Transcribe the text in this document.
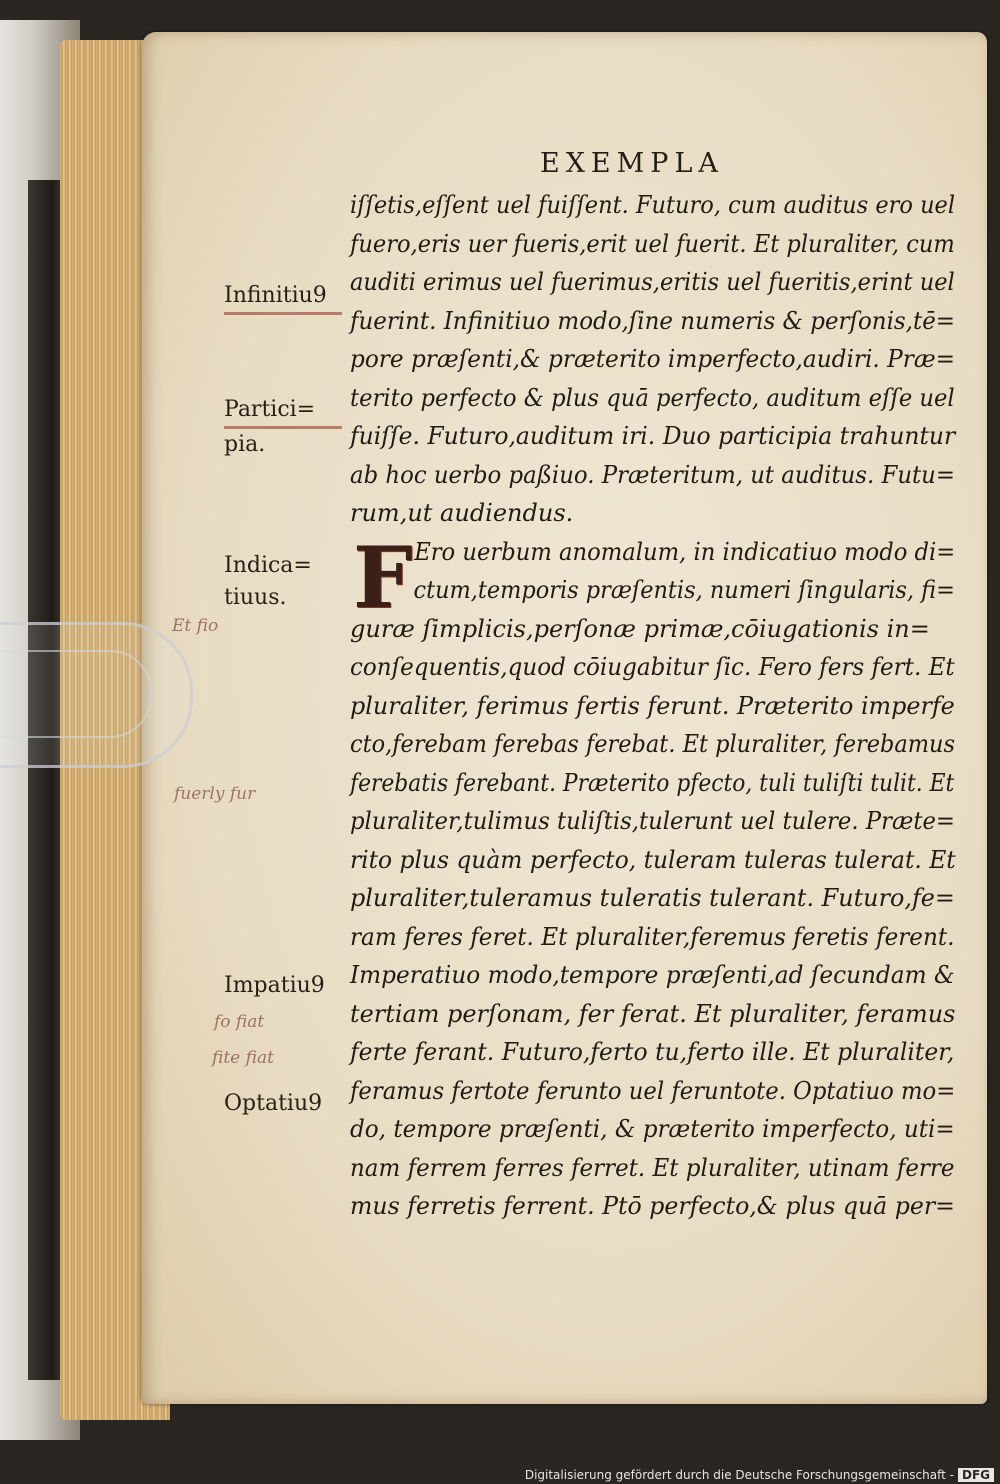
EXEMPLA
F
iſſetis,eſſent uel fuiſſent. Futuro, cum auditus ero uel
fuero,eris uer fueris,erit uel fuerit. Et pluraliter, cum
auditi erimus uel fuerimus,eritis uel fueritis,erint uel
fuerint. Infinitiuo modo,ſine numeris & perſonis,tē=
pore præſenti,& præterito imperfecto,audiri. Præ=
terito perfecto & plus quā perfecto, auditum eſſe uel
fuiſſe. Futuro,auditum iri. Duo participia trahuntur
ab hoc uerbo paßiuo. Præteritum, ut auditus. Futu=
rum,ut audiendus.
Ero uerbum anomalum, in indicatiuo modo di=
ctum,temporis præſentis, numeri ſingularis, fi=
guræ ſimplicis,perſonæ primæ,cōiugationis in=
conſequentis,quod cōiugabitur ſic. Fero fers fert. Et
pluraliter, ferimus fertis ferunt. Præterito imperfe
cto,ferebam ferebas ferebat. Et pluraliter, ferebamus
ferebatis ferebant. Præterito pfecto, tuli tuliſti tulit. Et
pluraliter,tulimus tuliſtis,tulerunt uel tulere. Præte=
rito plus quàm perfecto, tuleram tuleras tulerat. Et
pluraliter,tuleramus tuleratis tulerant. Futuro,fe=
ram feres feret. Et pluraliter,feremus feretis ferent.
Imperatiuo modo,tempore præſenti,ad ſecundam &
tertiam perſonam, fer ferat. Et pluraliter, feramus
ferte ferant. Futuro,ferto tu,ferto ille. Et pluraliter,
feramus fertote ferunto uel feruntote. Optatiuo mo=
do, tempore præſenti, & præterito imperfecto, uti=
nam ferrem ferres ferret. Et pluraliter, utinam ferre
mus ferretis ferrent. Ptō perfecto,& plus quā per=
Infinitiu9
Partici=
pia.
Indica=
tiuus.
Impatiu9
Optatiu9
Et fio
fuerly fur
fo fiat
fite fiat
Digitalisierung gefördert durch die Deutsche Forschungsgemeinschaft - DFG
